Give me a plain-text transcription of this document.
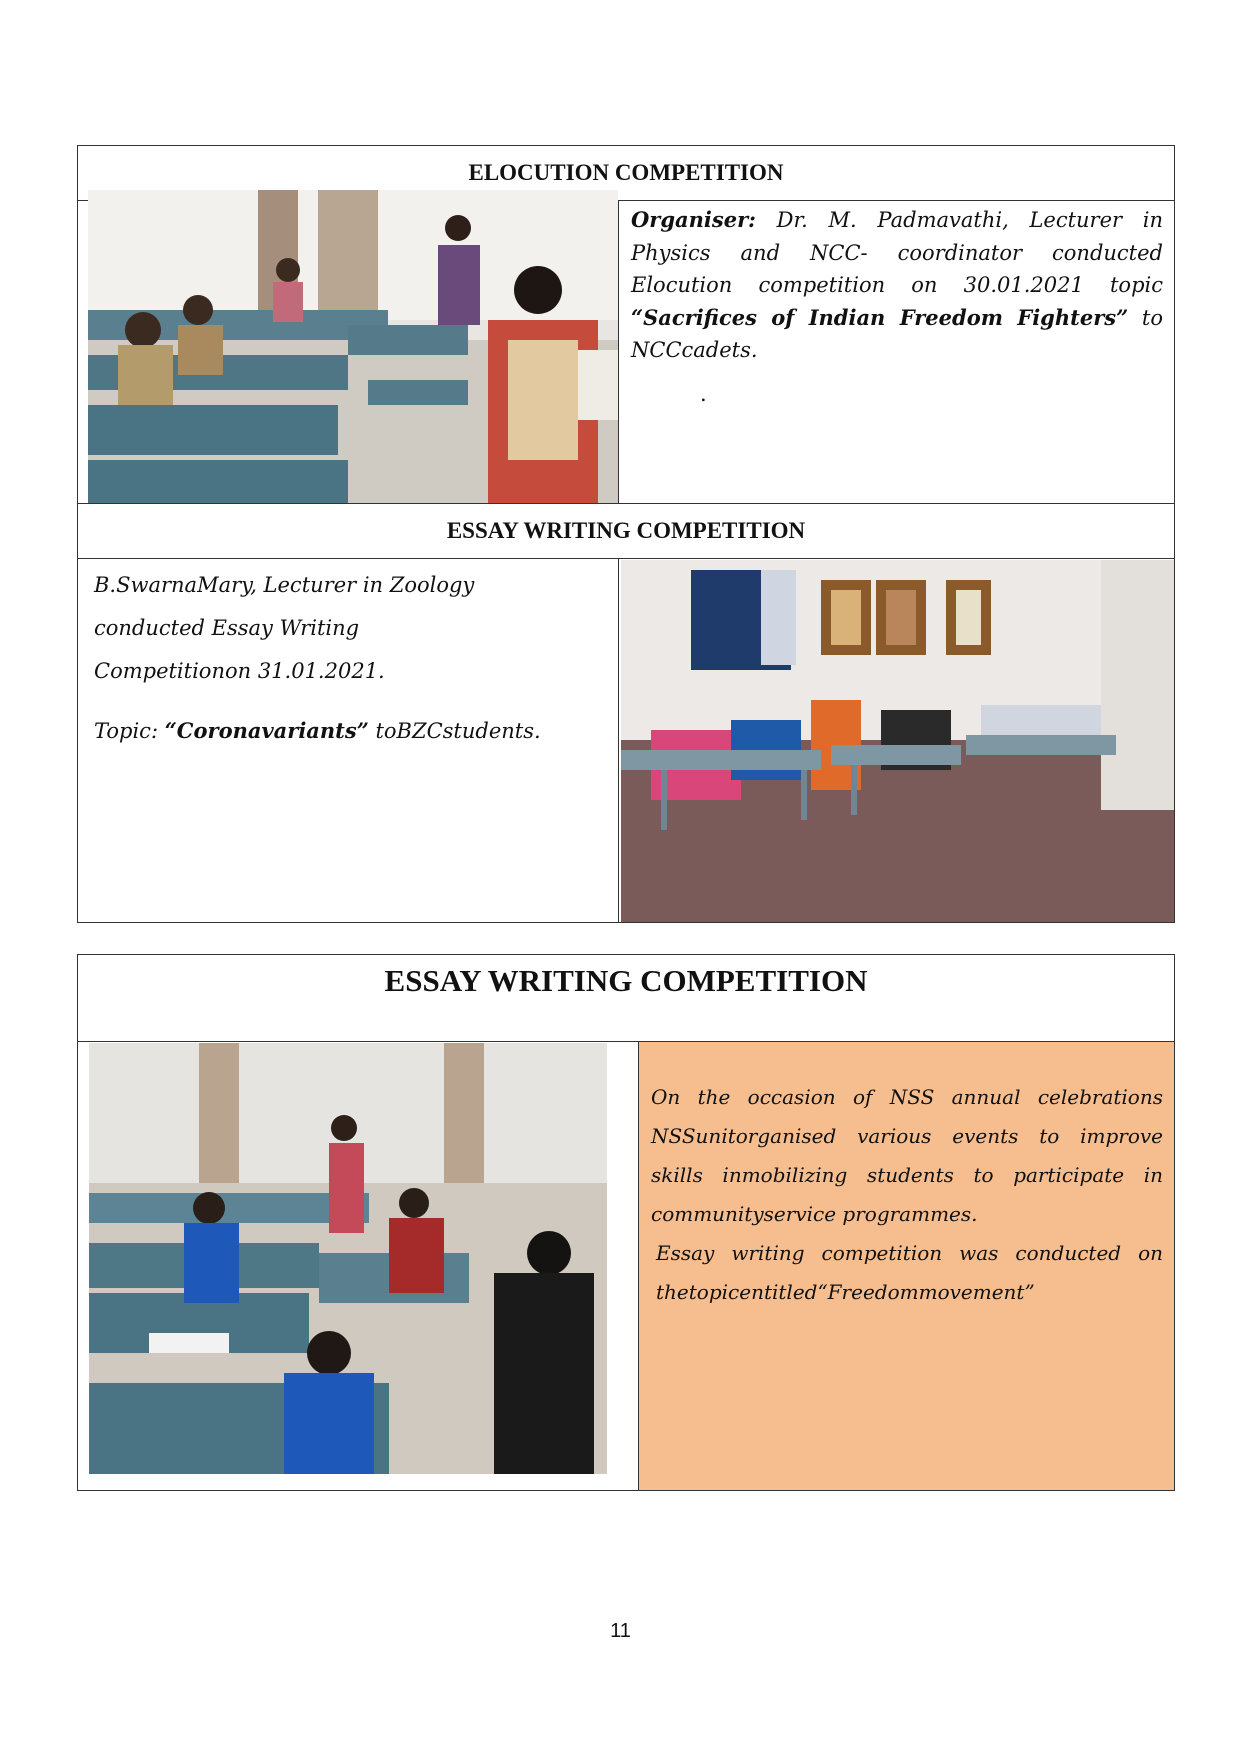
ELOCUTION COMPETITION
Organiser: Dr. M. Padmavathi, Lecturer in Physics and NCC- coordinator conducted Elocution competition on 30.01.2021 topic “Sacrifices of Indian Freedom Fighters” to NCCcadets.
.
ESSAY WRITING COMPETITION
B.SwarnaMary, Lecturer in Zoology
conducted Essay Writing
Competitionon 31.01.2021.
Topic: “Coronavariants” toBZCstudents.
ESSAY WRITING COMPETITION
On the occasion of NSS annual celebrations NSSunitorganised various events to improve skills inmobilizing students to participate in communityservice programmes.
Essay writing competition was conducted on thetopicentitled“Freedommovement”
11
